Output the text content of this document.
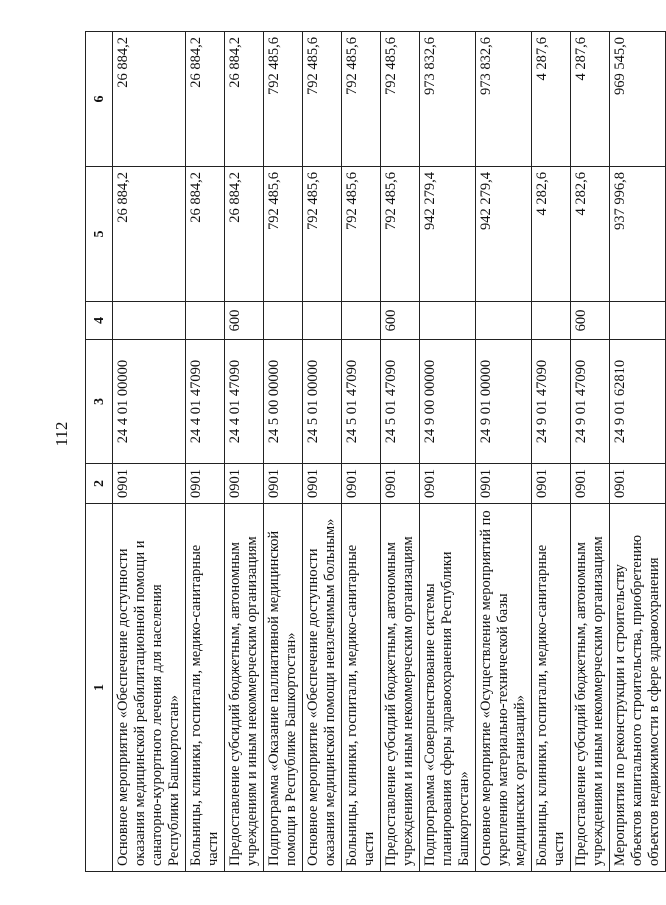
112
1	2	3	4	5	6
Основное мероприятие «Обеспечение доступности оказания медицинской реабилитационной помощи и санаторно-курортного лечения для населения Республики Башкортостан»	0901	24 4 01 00000		26 884,2	26 884,2
Больницы, клиники, госпитали, медико-санитарные части	0901	24 4 01 47090		26 884,2	26 884,2
Предоставление субсидий бюджетным, автономным учреждениям и иным некоммерческим организациям	0901	24 4 01 47090	600	26 884,2	26 884,2
Подпрограмма «Оказание паллиативной медицинской помощи в Республике Башкортостан»	0901	24 5 00 00000		792 485,6	792 485,6
Основное мероприятие «Обеспечение доступности оказания медицинской помощи неизлечимым больным»	0901	24 5 01 00000		792 485,6	792 485,6
Больницы, клиники, госпитали, медико-санитарные части	0901	24 5 01 47090		792 485,6	792 485,6
Предоставление субсидий бюджетным, автономным учреждениям и иным некоммерческим организациям	0901	24 5 01 47090	600	792 485,6	792 485,6
Подпрограмма «Совершенствование системы планирования сферы здравоохранения Республики Башкортостан»	0901	24 9 00 00000		942 279,4	973 832,6
Основное мероприятие «Осуществление мероприятий по укреплению материально-технической базы медицинских организаций»	0901	24 9 01 00000		942 279,4	973 832,6
Больницы, клиники, госпитали, медико-санитарные части	0901	24 9 01 47090		4 282,6	4 287,6
Предоставление субсидий бюджетным, автономным учреждениям и иным некоммерческим организациям	0901	24 9 01 47090	600	4 282,6	4 287,6
Мероприятия по реконструкции и строительству объектов капитального строительства, приобретению объектов недвижимости в сфере здравоохранения	0901	24 9 01 62810		937 996,8	969 545,0
